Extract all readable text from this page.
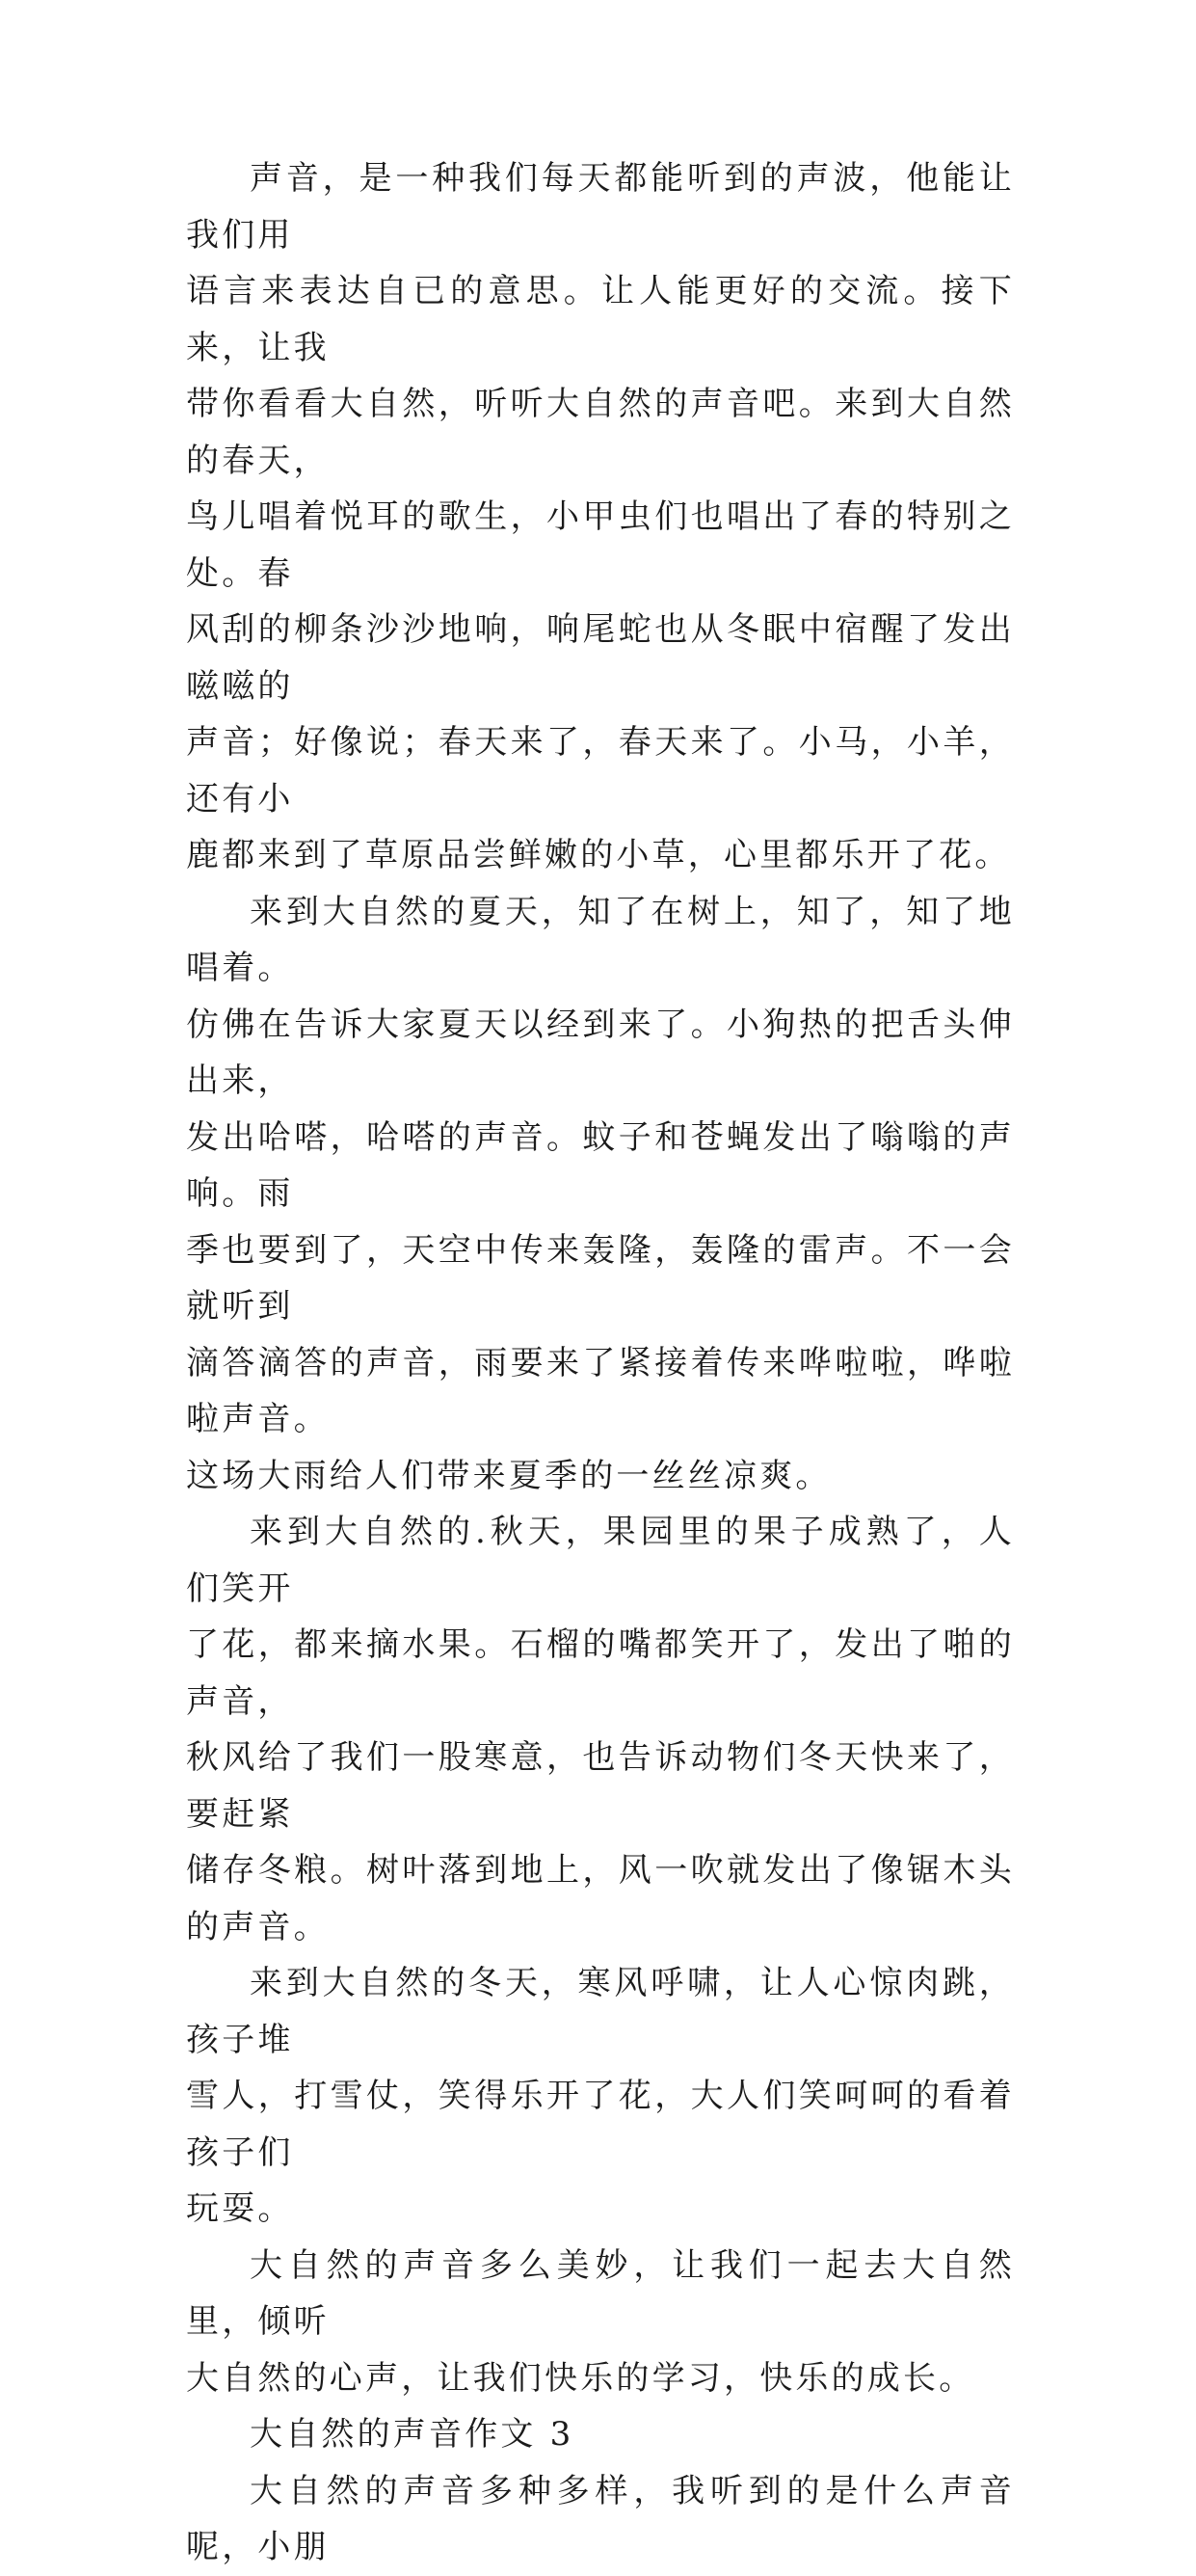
声音，是一种我们每天都能听到的声波，他能让我们用
语言来表达自已的意思。让人能更好的交流。接下来，让我
带你看看大自然，听听大自然的声音吧。来到大自然的春天，
鸟儿唱着悦耳的歌生，小甲虫们也唱出了春的特别之处。春
风刮的柳条沙沙地响，响尾蛇也从冬眠中宿醒了发出嗞嗞的
声音；好像说；春天来了，春天来了。小马，小羊，还有小
鹿都来到了草原品尝鲜嫩的小草，心里都乐开了花。

来到大自然的夏天，知了在树上，知了，知了地唱着。
仿佛在告诉大家夏天以经到来了。小狗热的把舌头伸出来，
发出哈嗒，哈嗒的声音。蚊子和苍蝇发出了嗡嗡的声响。雨
季也要到了，天空中传来轰隆，轰隆的雷声。不一会就听到
滴答滴答的声音，雨要来了紧接着传来哗啦啦，哗啦啦声音。
这场大雨给人们带来夏季的一丝丝凉爽。

来到大自然的.秋天，果园里的果子成熟了，人们笑开
了花，都来摘水果。石榴的嘴都笑开了，发出了啪的声音，
秋风给了我们一股寒意，也告诉动物们冬天快来了，要赶紧
储存冬粮。树叶落到地上，风一吹就发出了像锯木头的声音。

来到大自然的冬天，寒风呼啸，让人心惊肉跳，孩子堆
雪人，打雪仗，笑得乐开了花，大人们笑呵呵的看着孩子们
玩耍。

大自然的声音多么美妙，让我们一起去大自然里，倾听
大自然的心声，让我们快乐的学习，快乐的成长。

大自然的声音作文 3

大自然的声音多种多样，我听到的是什么声音呢，小朋
